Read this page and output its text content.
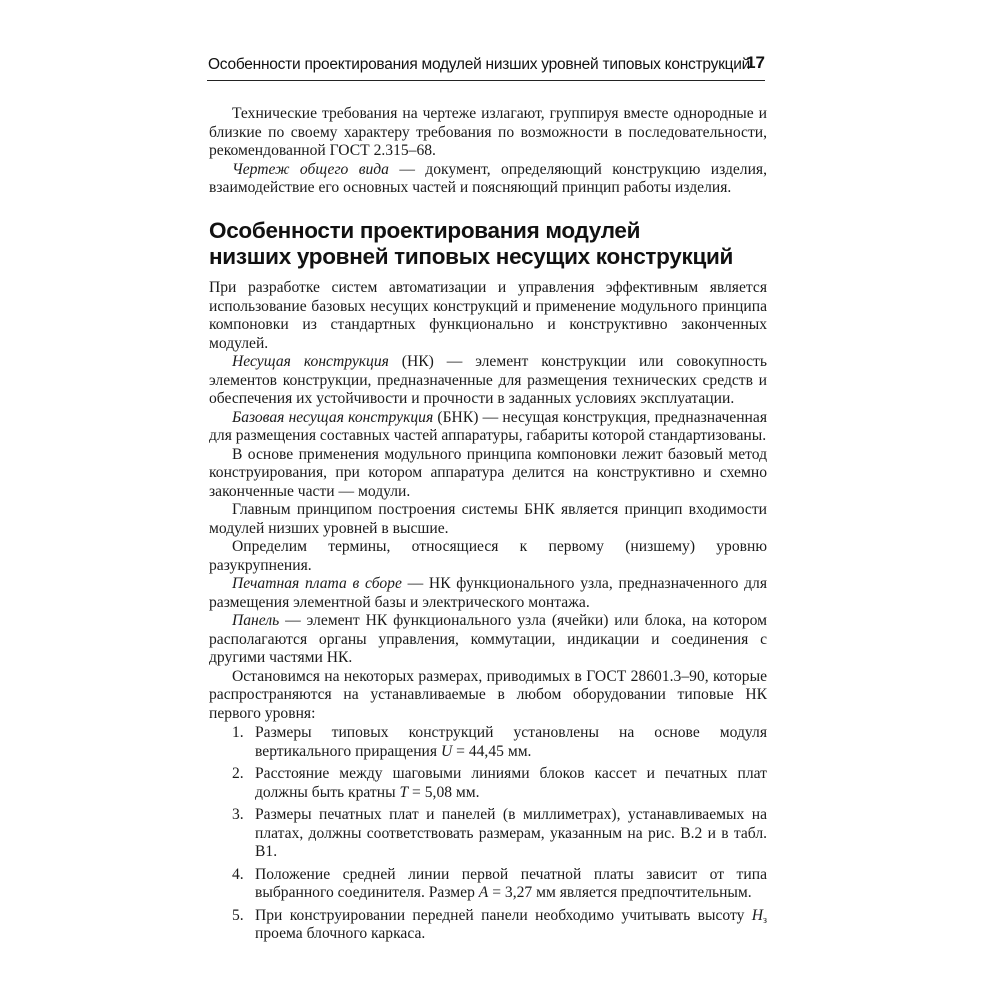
Особенности проектирования модулей низших уровней типовых конструкций
17

Технические требования на чертеже излагают, группируя вместе однородные и близкие по своему характеру требования по возможности в последовательности, рекомендованной ГОСТ 2.315–68.

Чертеж общего вида — документ, определяющий конструкцию изделия, взаимодействие его основных частей и поясняющий принцип работы изделия.

Особенности проектирования модулей
низших уровней типовых несущих конструкций

При разработке систем автоматизации и управления эффективным является использование базовых несущих конструкций и применение модульного принципа компоновки из стандартных функционально и конструктивно законченных модулей.

Несущая конструкция (НК) — элемент конструкции или совокупность элементов конструкции, предназначенные для размещения технических средств и обеспечения их устойчивости и прочности в заданных условиях эксплуатации.

Базовая несущая конструкция (БНК) — несущая конструкция, предназначенная для размещения составных частей аппаратуры, габариты которой стандартизованы.

В основе применения модульного принципа компоновки лежит базовый метод конструирования, при котором аппаратура делится на конструктивно и схемно законченные части — модули.

Главным принципом построения системы БНК является принцип входимости модулей низших уровней в высшие.

Определим термины, относящиеся к первому (низшему) уровню разукрупнения.

Печатная плата в сборе — НК функционального узла, предназначенного для размещения элементной базы и электрического монтажа.

Панель — элемент НК функционального узла (ячейки) или блока, на котором располагаются органы управления, коммутации, индикации и соединения с другими частями НК.

Остановимся на некоторых размерах, приводимых в ГОСТ 28601.3–90, которые распространяются на устанавливаемые в любом оборудовании типовые НК первого уровня:

1. Размеры типовых конструкций установлены на основе модуля вертикального приращения U = 44,45 мм.
2. Расстояние между шаговыми линиями блоков кассет и печатных плат должны быть кратны T = 5,08 мм.
3. Размеры печатных плат и панелей (в миллиметрах), устанавливаемых на платах, должны соответствовать размерам, указанным на рис. В.2 и в табл. В1.
4. Положение средней линии первой печатной платы зависит от типа выбранного соединителя. Размер A = 3,27 мм является предпочтительным.
5. При конструировании передней панели необходимо учитывать высоту $H_з$ проема блочного каркаса.
